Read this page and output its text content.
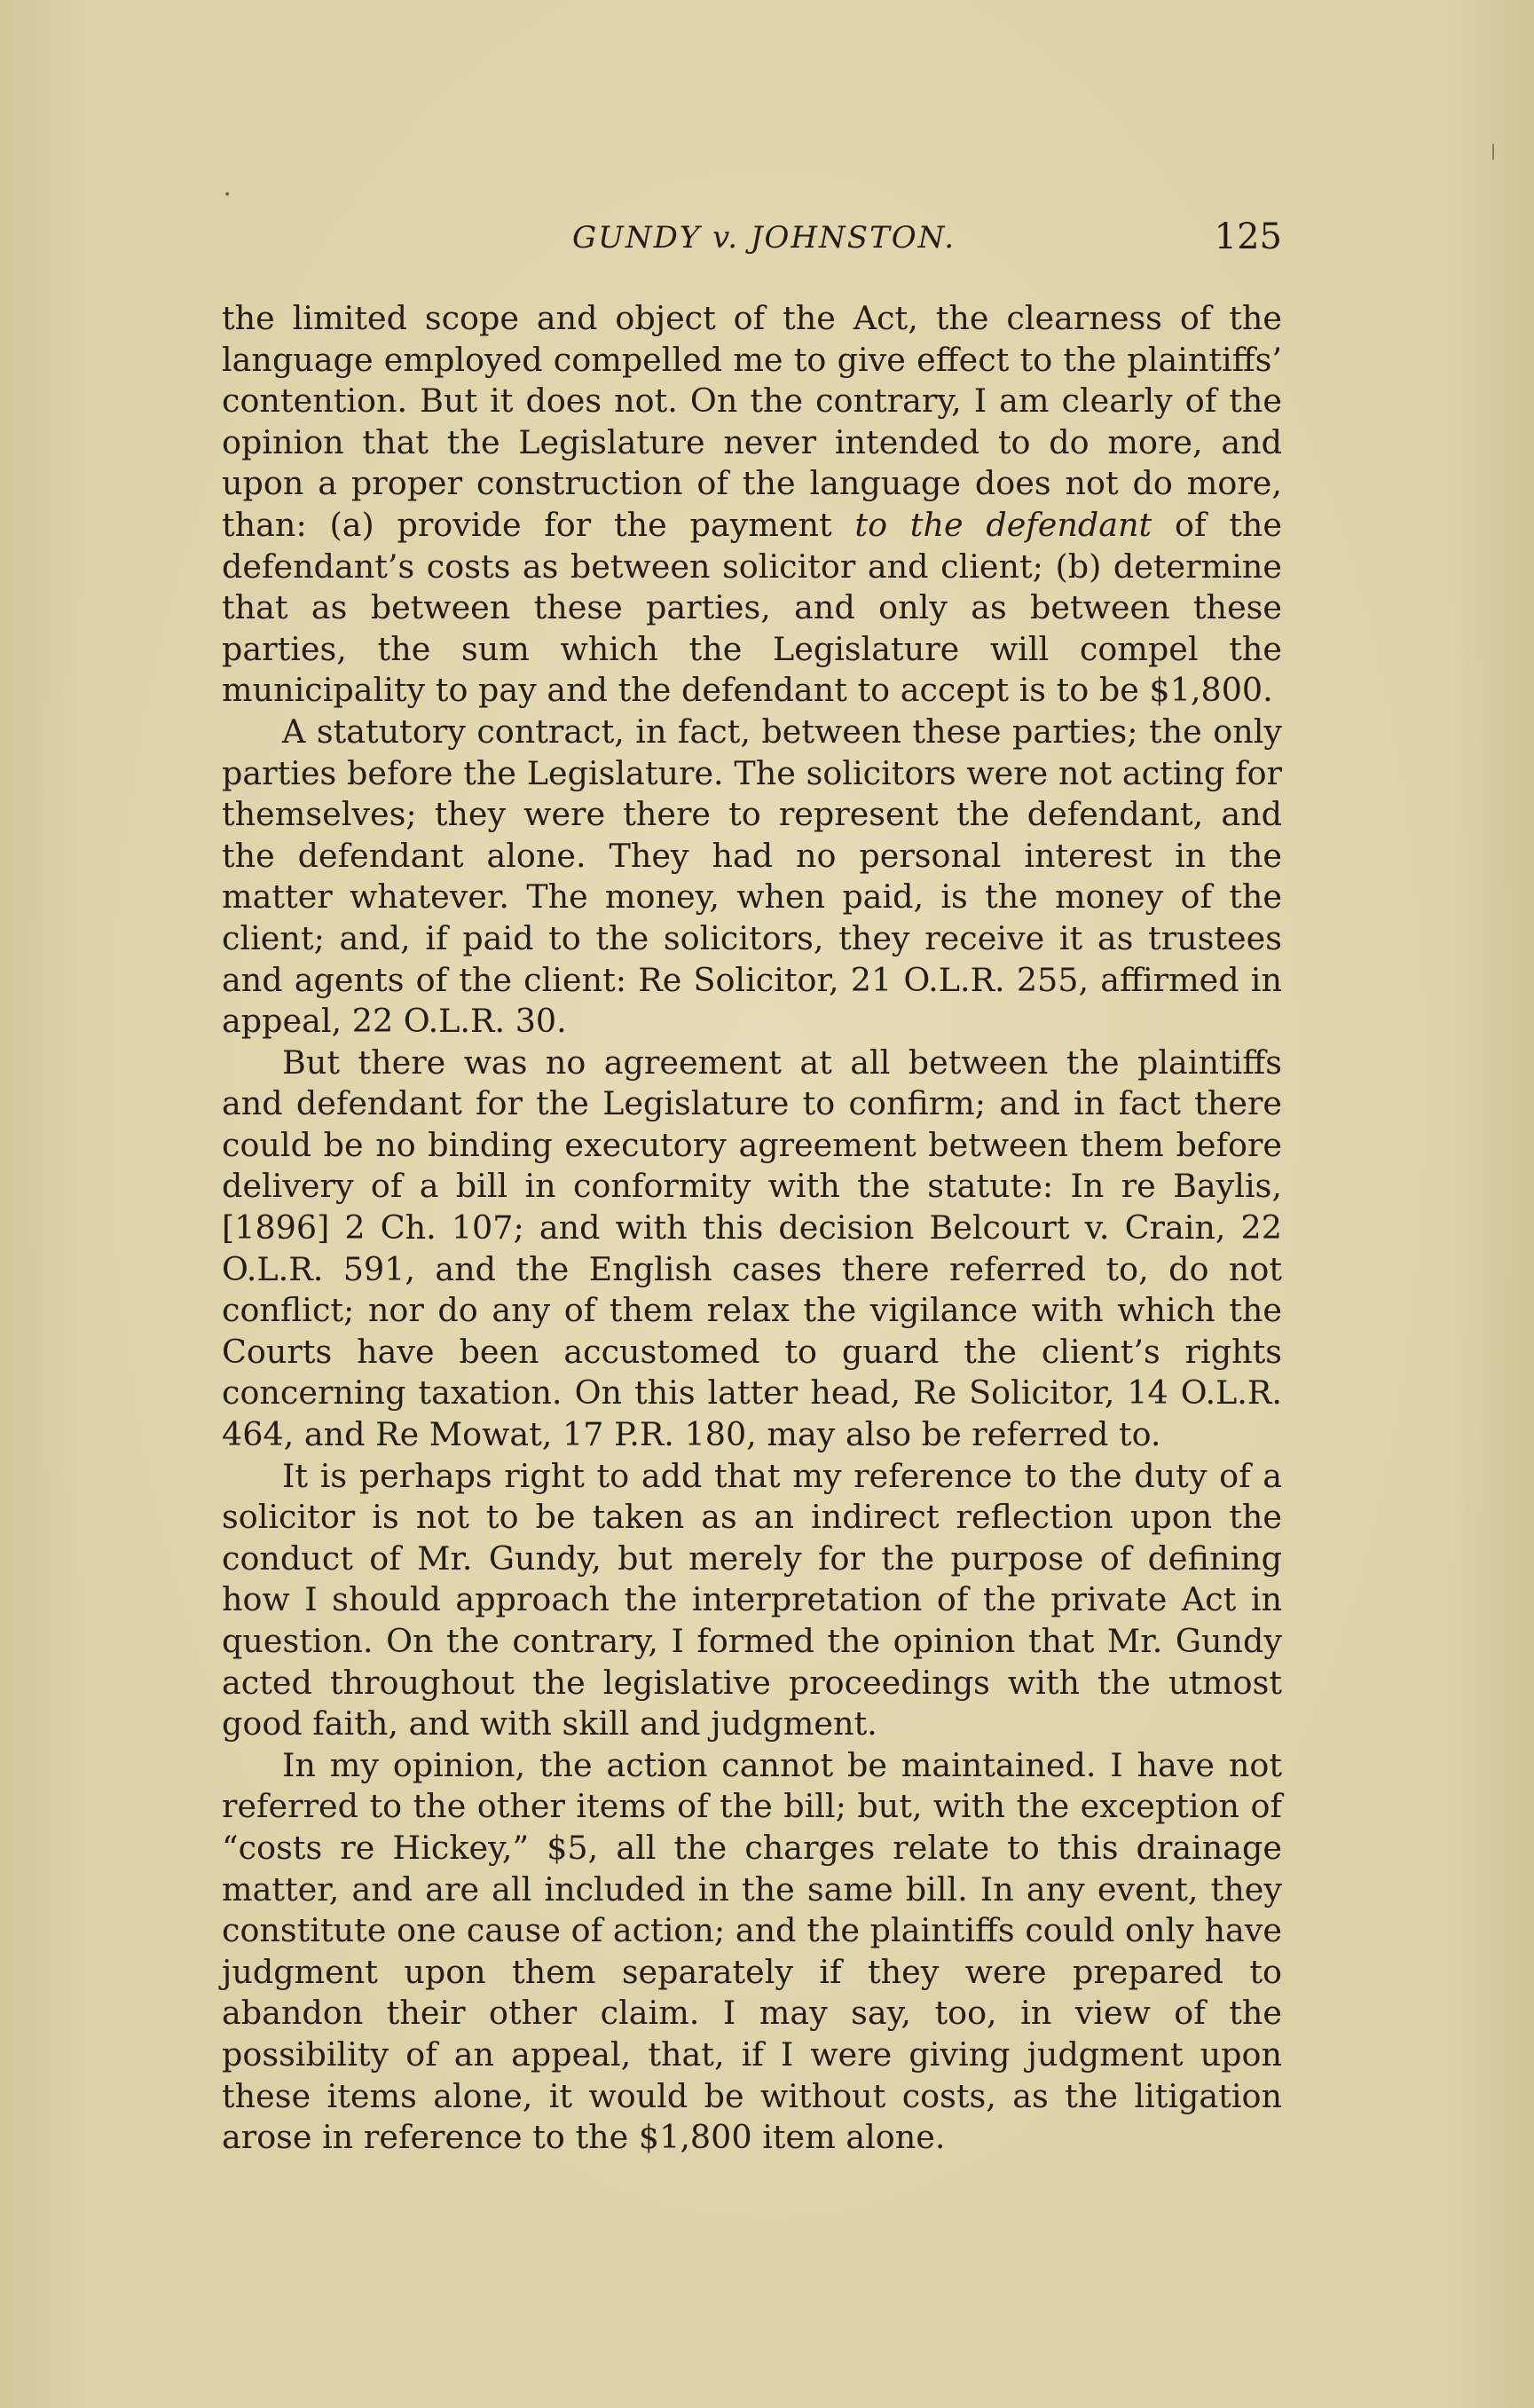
•
|
GUNDY v. JOHNSTON.	125

the limited scope and object of the Act, the clearness of the language employed compelled me to give effect to the plaintiffs’ contention. But it does not. On the contrary, I am clearly of the opinion that the Legislature never intended to do more, and upon a proper construction of the language does not do more, than: (a) provide for the payment to the defendant of the defendant’s costs as between solicitor and client; (b) determine that as between these parties, and only as between these parties, the sum which the Legislature will compel the municipality to pay and the defendant to accept is to be $1,800.

A statutory contract, in fact, between these parties; the only parties before the Legislature. The solicitors were not acting for themselves; they were there to represent the defendant, and the defendant alone. They had no personal interest in the matter whatever. The money, when paid, is the money of the client; and, if paid to the solicitors, they receive it as trustees and agents of the client: Re Solicitor, 21 O.L.R. 255, affirmed in appeal, 22 O.L.R. 30.

But there was no agreement at all between the plaintiffs and defendant for the Legislature to confirm; and in fact there could be no binding executory agreement between them before delivery of a bill in conformity with the statute: In re Baylis, [1896] 2 Ch. 107; and with this decision Belcourt v. Crain, 22 O.L.R. 591, and the English cases there referred to, do not conflict; nor do any of them relax the vigilance with which the Courts have been accustomed to guard the client’s rights concerning taxation. On this latter head, Re Solicitor, 14 O.L.R. 464, and Re Mowat, 17 P.R. 180, may also be referred to.

It is perhaps right to add that my reference to the duty of a solicitor is not to be taken as an indirect reflection upon the conduct of Mr. Gundy, but merely for the purpose of defining how I should approach the interpretation of the private Act in question. On the contrary, I formed the opinion that Mr. Gundy acted throughout the legislative proceedings with the utmost good faith, and with skill and judgment.

In my opinion, the action cannot be maintained. I have not referred to the other items of the bill; but, with the exception of “costs re Hickey,” $5, all the charges relate to this drainage matter, and are all included in the same bill. In any event, they constitute one cause of action; and the plaintiffs could only have judgment upon them separately if they were prepared to abandon their other claim. I may say, too, in view of the possibility of an appeal, that, if I were giving judgment upon these items alone, it would be without costs, as the litigation arose in reference to the $1,800 item alone.
